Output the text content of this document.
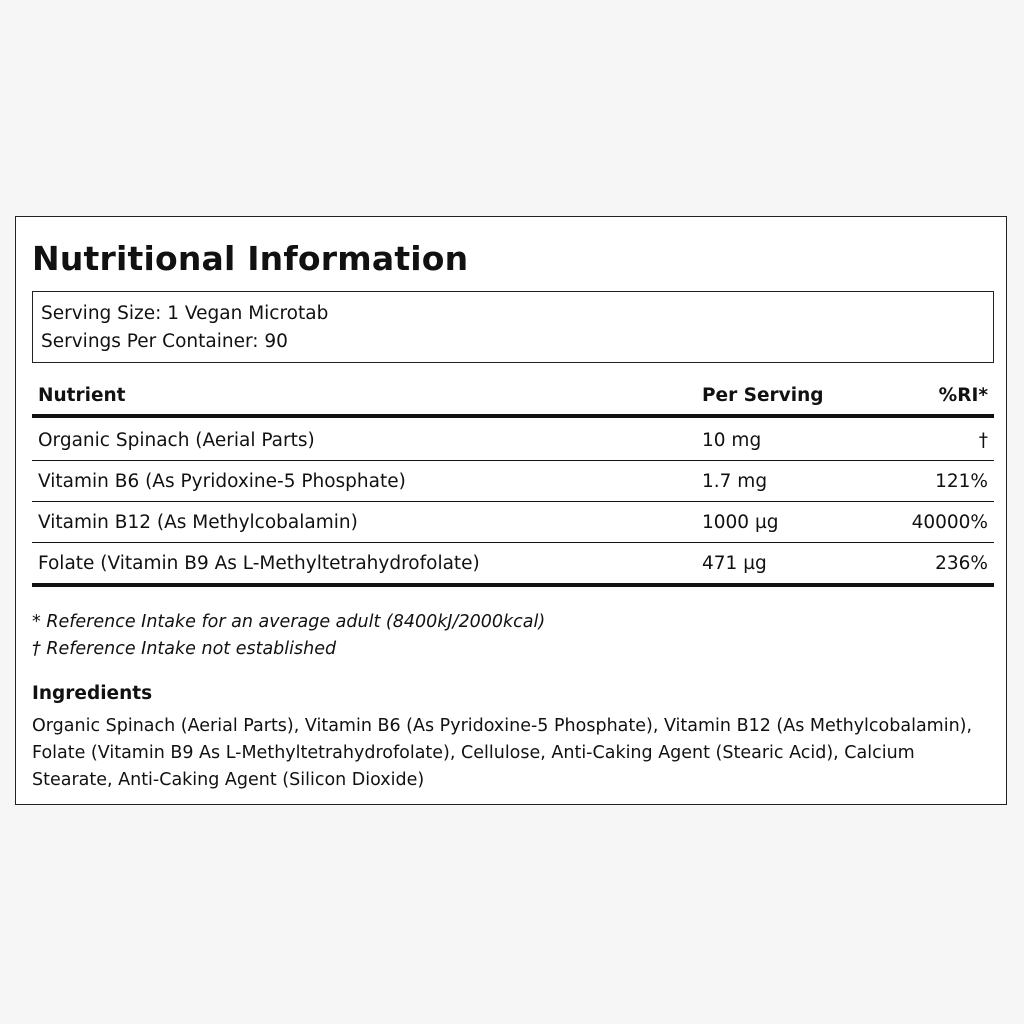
Nutritional Information
Serving Size: 1 Vegan Microtab
Servings Per Container: 90
Nutrient	Per Serving	%RI*
Organic Spinach (Aerial Parts)	10 mg	†
Vitamin B6 (As Pyridoxine-5 Phosphate)	1.7 mg	121%
Vitamin B12 (As Methylcobalamin)	1000 µg	40000%
Folate (Vitamin B9 As L-Methyltetrahydrofolate)	471 µg	236%
* Reference Intake for an average adult (8400kJ/2000kcal)
† Reference Intake not established
Ingredients
Organic Spinach (Aerial Parts), Vitamin B6 (As Pyridoxine-5 Phosphate), Vitamin B12 (As Methylcobalamin), Folate (Vitamin B9 As L-Methyltetrahydrofolate), Cellulose, Anti-Caking Agent (Stearic Acid), Calcium Stearate, Anti-Caking Agent (Silicon Dioxide)
